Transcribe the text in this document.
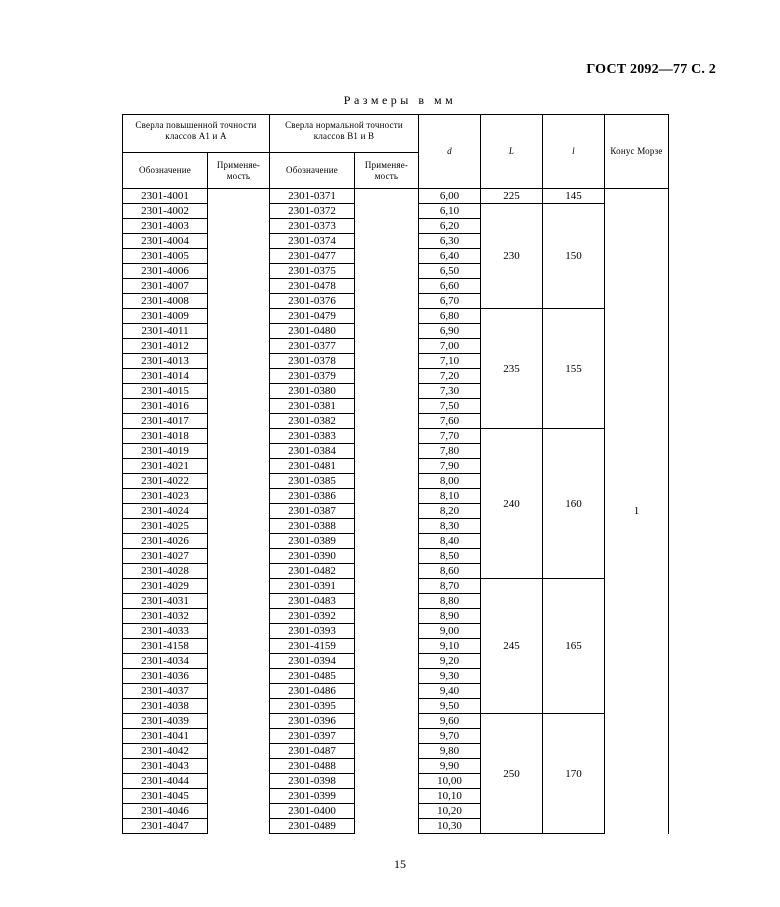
ГОСТ 2092—77 С. 2
Размеры в мм
Сверла повышенной точности классов А1 и А		Сверла нормальной точности классов В1 и В		d	L	l	Конус Морзе
Обозначение	Применяе-мость	Обозначение	Применяе-мость				
2301-4001		2301-0371		6,00	225	145	1
2301-4002		2301-0372		6,10	230	150	
2301-4003		2301-0373		6,20			
2301-4004		2301-0374		6,30			
2301-4005		2301-0477		6,40			
2301-4006		2301-0375		6,50			
2301-4007		2301-0478		6,60			
2301-4008		2301-0376		6,70			
2301-4009		2301-0479		6,80	235	155	
2301-4011		2301-0480		6,90			
2301-4012		2301-0377		7,00			
2301-4013		2301-0378		7,10			
2301-4014		2301-0379		7,20			
2301-4015		2301-0380		7,30			
2301-4016		2301-0381		7,50			
2301-4017		2301-0382		7,60			
2301-4018		2301-0383		7,70	240	160	
2301-4019		2301-0384		7,80			
2301-4021		2301-0481		7,90			
2301-4022		2301-0385		8,00			
2301-4023		2301-0386		8,10			
2301-4024		2301-0387		8,20			
2301-4025		2301-0388		8,30			
2301-4026		2301-0389		8,40			
2301-4027		2301-0390		8,50			
2301-4028		2301-0482		8,60			
2301-4029		2301-0391		8,70	245	165	
2301-4031		2301-0483		8,80			
2301-4032		2301-0392		8,90			
2301-4033		2301-0393		9,00			
2301-4158		2301-4159		9,10			
2301-4034		2301-0394		9,20			
2301-4036		2301-0485		9,30			
2301-4037		2301-0486		9,40			
2301-4038		2301-0395		9,50			
2301-4039		2301-0396		9,60	250	170	
2301-4041		2301-0397		9,70			
2301-4042		2301-0487		9,80			
2301-4043		2301-0488		9,90			
2301-4044		2301-0398		10,00			
2301-4045		2301-0399		10,10			
2301-4046		2301-0400		10,20			
2301-4047		2301-0489		10,30			
15
